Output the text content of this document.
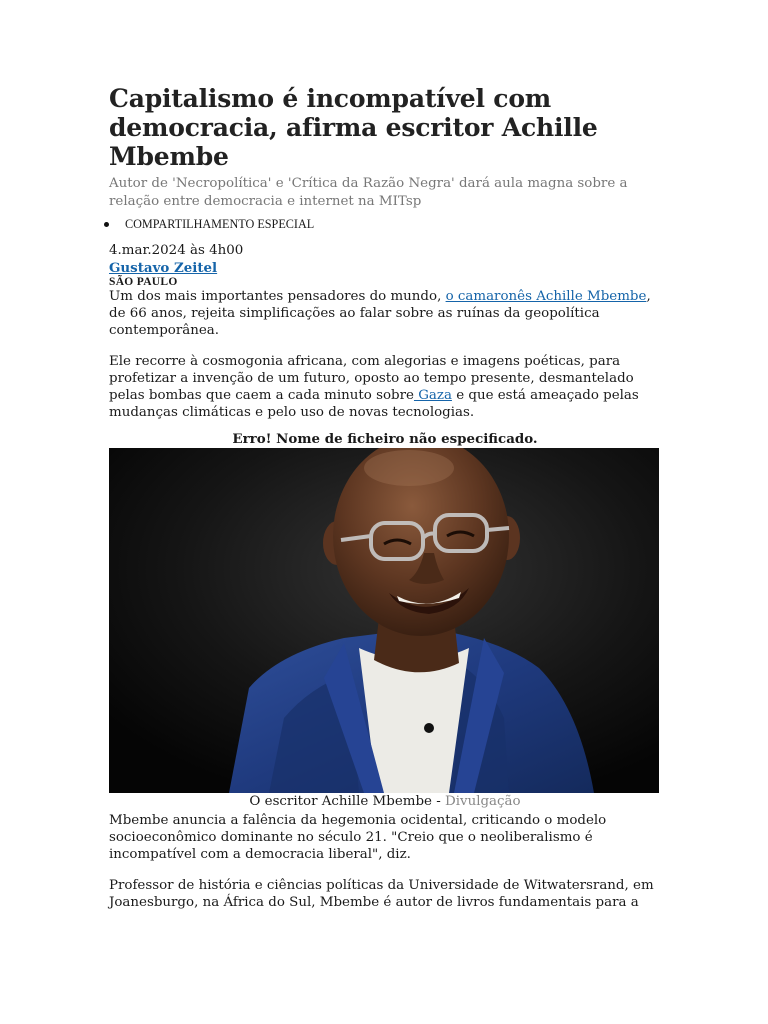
Capitalismo é incompatível com democracia, afirma escritor Achille Mbembe
Autor de 'Necropolítica' e 'Crítica da Razão Negra' dará aula magna sobre a relação entre democracia e internet na MITsp
COMPARTILHAMENTO ESPECIAL
4.mar.2024 às 4h00
Gustavo Zeitel
SÃO PAULO

Um dos mais importantes pensadores do mundo, o camaronês Achille Mbembe, de 66 anos, rejeita simplificações ao falar sobre as ruínas da geopolítica contemporânea.

Ele recorre à cosmogonia africana, com alegorias e imagens poéticas, para profetizar a invenção de um futuro, oposto ao tempo presente, desmantelado pelas bombas que caem a cada minuto sobre Gaza e que está ameaçado pelas mudanças climáticas e pelo uso de novas tecnologias.

Erro! Nome de ficheiro não especificado.
O escritor Achille Mbembe - Divulgação

Mbembe anuncia a falência da hegemonia ocidental, criticando o modelo socioeconômico dominante no século 21. "Creio que o neoliberalismo é incompatível com a democracia liberal", diz.

Professor de história e ciências políticas da Universidade de Witwatersrand, em Joanesburgo, na África do Sul, Mbembe é autor de livros fundamentais para a
